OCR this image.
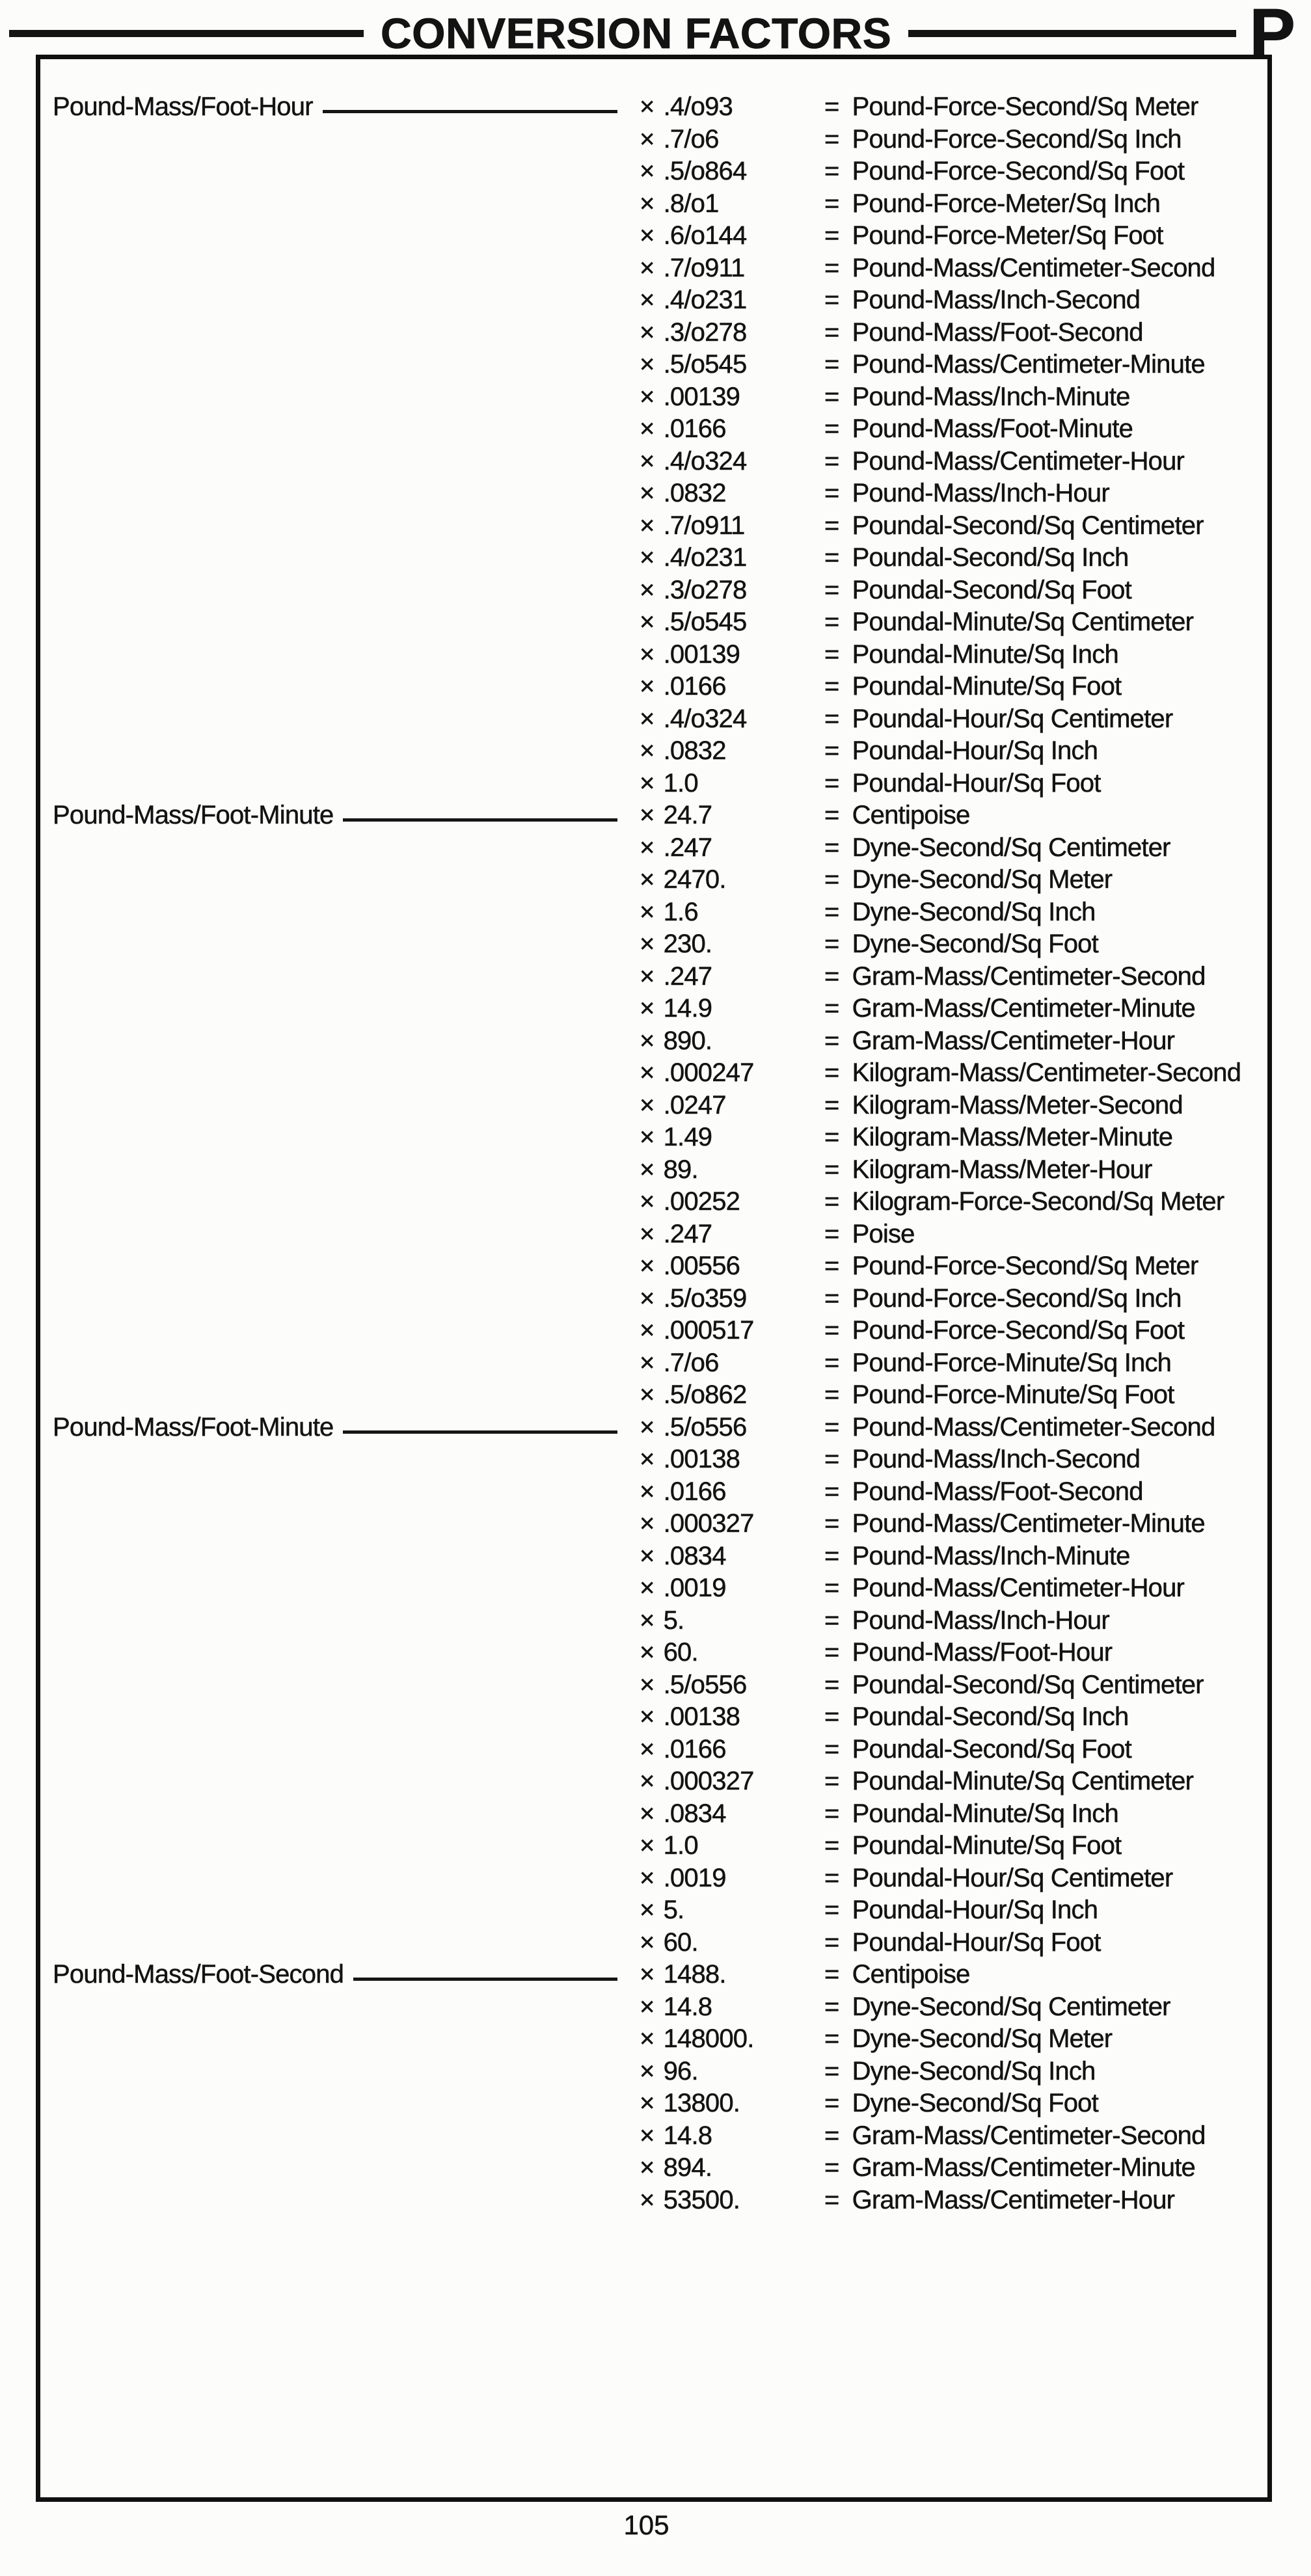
CONVERSION FACTORS	P
Pound-Mass/Foot-Hour	× .4/o93	= Pound-Force-Second/Sq Meter
× .7/o6	= Pound-Force-Second/Sq Inch
× .5/o864	= Pound-Force-Second/Sq Foot
× .8/o1	= Pound-Force-Meter/Sq Inch
× .6/o144	= Pound-Force-Meter/Sq Foot
× .7/o911	= Pound-Mass/Centimeter-Second
× .4/o231	= Pound-Mass/Inch-Second
× .3/o278	= Pound-Mass/Foot-Second
× .5/o545	= Pound-Mass/Centimeter-Minute
× .00139	= Pound-Mass/Inch-Minute
× .0166	= Pound-Mass/Foot-Minute
× .4/o324	= Pound-Mass/Centimeter-Hour
× .0832	= Pound-Mass/Inch-Hour
× .7/o911	= Poundal-Second/Sq Centimeter
× .4/o231	= Poundal-Second/Sq Inch
× .3/o278	= Poundal-Second/Sq Foot
× .5/o545	= Poundal-Minute/Sq Centimeter
× .00139	= Poundal-Minute/Sq Inch
× .0166	= Poundal-Minute/Sq Foot
× .4/o324	= Poundal-Hour/Sq Centimeter
× .0832	= Poundal-Hour/Sq Inch
× 1.0	= Poundal-Hour/Sq Foot
Pound-Mass/Foot-Minute	× 24.7	= Centipoise
× .247	= Dyne-Second/Sq Centimeter
× 2470.	= Dyne-Second/Sq Meter
× 1.6	= Dyne-Second/Sq Inch
× 230.	= Dyne-Second/Sq Foot
× .247	= Gram-Mass/Centimeter-Second
× 14.9	= Gram-Mass/Centimeter-Minute
× 890.	= Gram-Mass/Centimeter-Hour
× .000247	= Kilogram-Mass/Centimeter-Second
× .0247	= Kilogram-Mass/Meter-Second
× 1.49	= Kilogram-Mass/Meter-Minute
× 89.	= Kilogram-Mass/Meter-Hour
× .00252	= Kilogram-Force-Second/Sq Meter
× .247	= Poise
× .00556	= Pound-Force-Second/Sq Meter
× .5/o359	= Pound-Force-Second/Sq Inch
× .000517	= Pound-Force-Second/Sq Foot
× .7/o6	= Pound-Force-Minute/Sq Inch
× .5/o862	= Pound-Force-Minute/Sq Foot
Pound-Mass/Foot-Minute	× .5/o556	= Pound-Mass/Centimeter-Second
× .00138	= Pound-Mass/Inch-Second
× .0166	= Pound-Mass/Foot-Second
× .000327	= Pound-Mass/Centimeter-Minute
× .0834	= Pound-Mass/Inch-Minute
× .0019	= Pound-Mass/Centimeter-Hour
× 5.	= Pound-Mass/Inch-Hour
× 60.	= Pound-Mass/Foot-Hour
× .5/o556	= Poundal-Second/Sq Centimeter
× .00138	= Poundal-Second/Sq Inch
× .0166	= Poundal-Second/Sq Foot
× .000327	= Poundal-Minute/Sq Centimeter
× .0834	= Poundal-Minute/Sq Inch
× 1.0	= Poundal-Minute/Sq Foot
× .0019	= Poundal-Hour/Sq Centimeter
× 5.	= Poundal-Hour/Sq Inch
× 60.	= Poundal-Hour/Sq Foot
Pound-Mass/Foot-Second	× 1488.	= Centipoise
× 14.8	= Dyne-Second/Sq Centimeter
× 148000.	= Dyne-Second/Sq Meter
× 96.	= Dyne-Second/Sq Inch
× 13800.	= Dyne-Second/Sq Foot
× 14.8	= Gram-Mass/Centimeter-Second
× 894.	= Gram-Mass/Centimeter-Minute
× 53500.	= Gram-Mass/Centimeter-Hour
105
